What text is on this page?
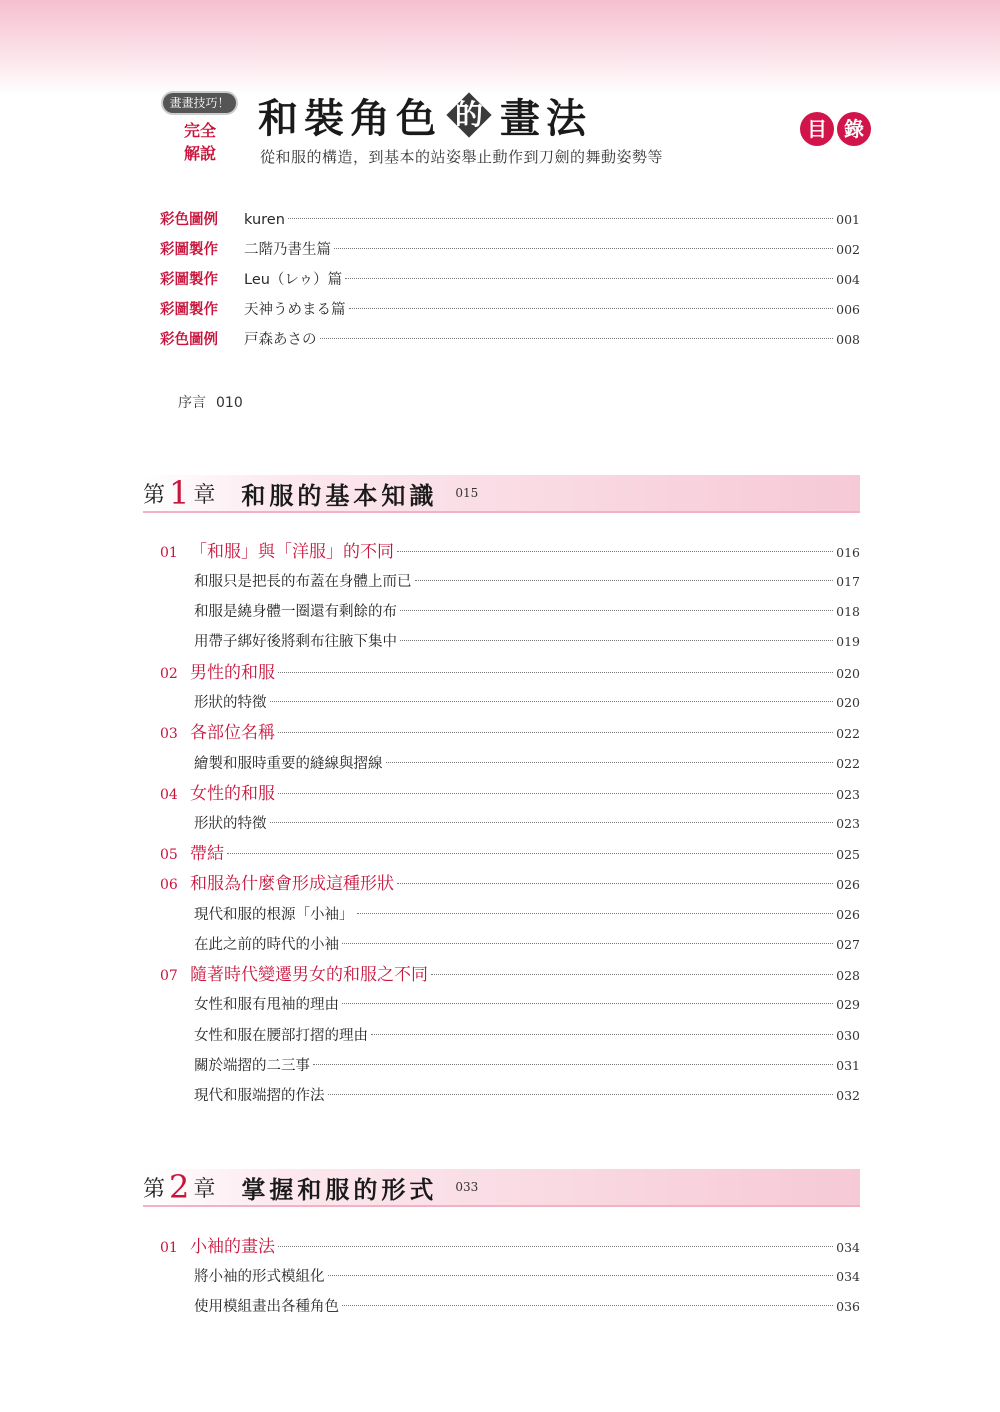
畫畫技巧！
完全
解說
和裝角色 的 畫法
從和服的構造，到基本的站姿舉止動作到刀劍的舞動姿勢等
目 錄
彩色圖例	kuren	001
彩圖製作	二階乃書生篇	002
彩圖製作	Leu（レゥ）篇	004
彩圖製作	天神うめまる篇	006
彩色圖例	戸森あさの	008
序言 010
第 1 章 和服的基本知識 015
01 「和服」與「洋服」的不同	016
和服只是把長的布蓋在身體上而已	017
和服是繞身體一圈還有剩餘的布	018
用帶子綁好後將剩布往腋下集中	019
02 男性的和服	020
形狀的特徵	020
03 各部位名稱	022
繪製和服時重要的縫線與摺線	022
04 女性的和服	023
形狀的特徵	023
05 帶結	025
06 和服為什麼會形成這種形狀	026
現代和服的根源「小袖」	026
在此之前的時代的小袖	027
07 隨著時代變遷男女的和服之不同	028
女性和服有甩袖的理由	029
女性和服在腰部打摺的理由	030
關於端摺的二三事	031
現代和服端摺的作法	032
第 2 章 掌握和服的形式 033
01 小袖的畫法	034
將小袖的形式模組化	034
使用模組畫出各種角色	036
